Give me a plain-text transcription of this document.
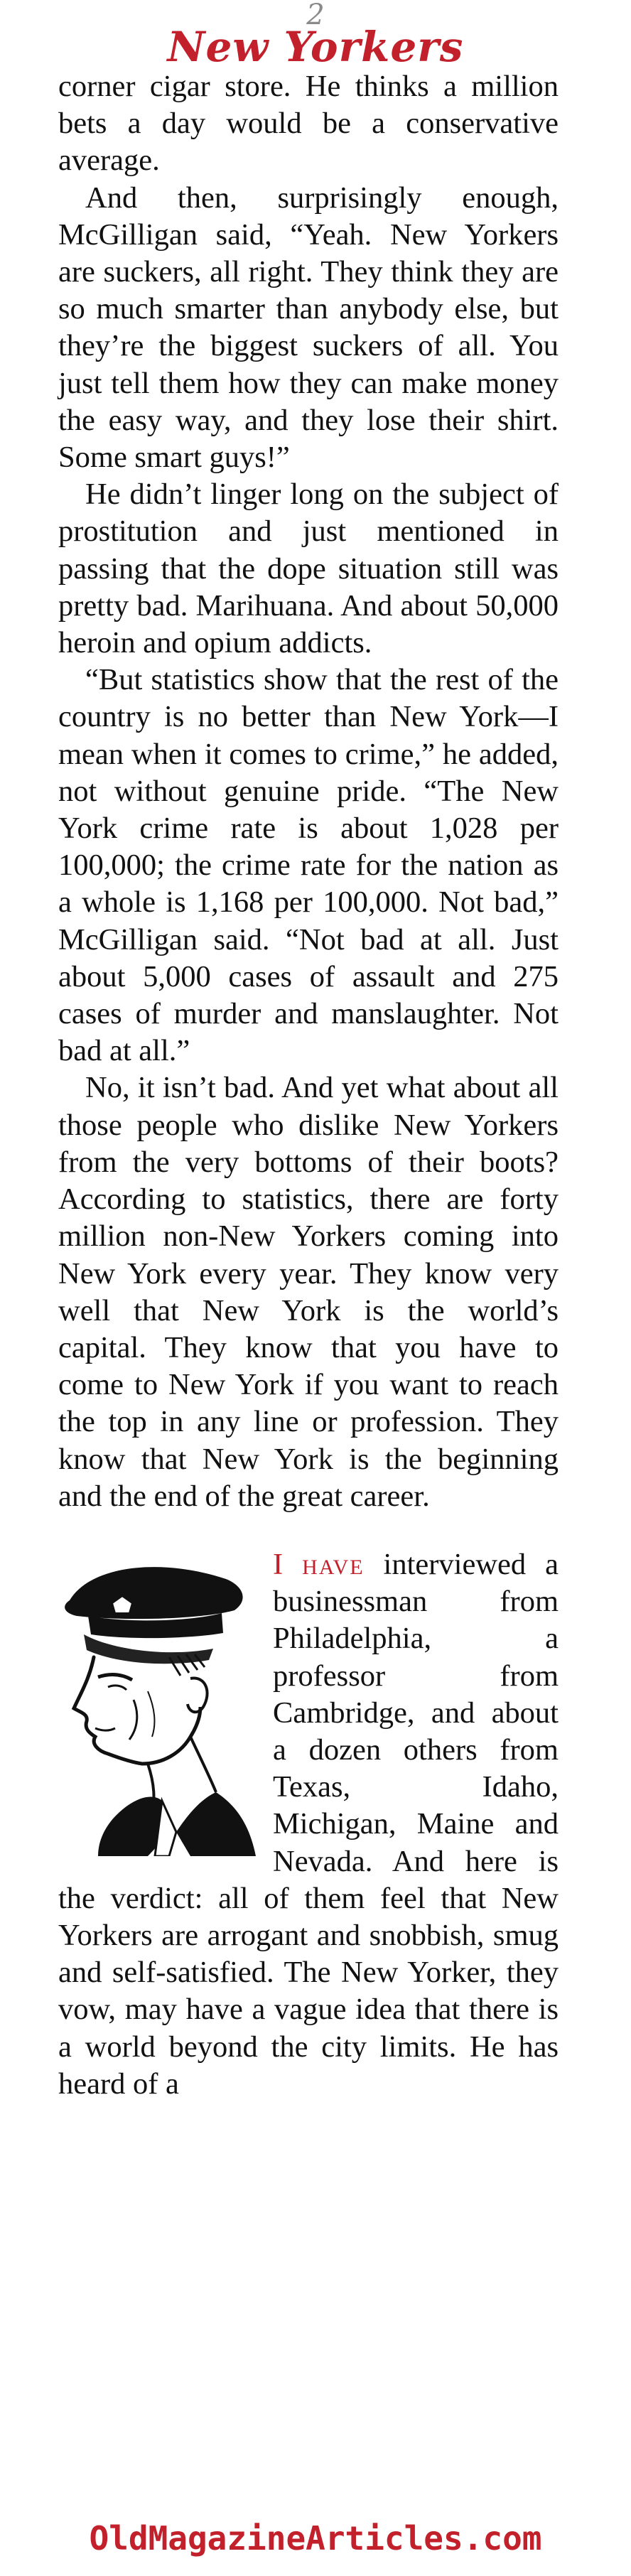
2
New Yorkers

corner cigar store. He thinks a million bets a day would be a conservative average.

And then, surprisingly enough, McGilligan said, “Yeah. New Yorkers are suckers, all right. They think they are so much smarter than anybody else, but they’re the biggest suckers of all. You just tell them how they can make money the easy way, and they lose their shirt. Some smart guys!”

He didn’t linger long on the subject of prostitution and just mentioned in passing that the dope situation still was pretty bad. Marihuana. And about 50,000 heroin and opium addicts.

“But statistics show that the rest of the country is no better than New York—I mean when it comes to crime,” he added, not without genuine pride. “The New York crime rate is about 1,028 per 100,000; the crime rate for the nation as a whole is 1,168 per 100,000. Not bad,” McGilligan said. “Not bad at all. Just about 5,000 cases of assault and 275 cases of murder and manslaughter. Not bad at all.”

No, it isn’t bad. And yet what about all those people who dislike New Yorkers from the very bottoms of their boots? According to statistics, there are forty million non-New Yorkers coming into New York every year. They know very well that New York is the world’s capital. They know that you have to come to New York if you want to reach the top in any line or profession. They know that New York is the beginning and the end of the great career.

I have interviewed a businessman from Philadelphia, a professor from Cambridge, and about a dozen others from Texas, Idaho, Michigan, Maine and Nevada. And here is the verdict: all of them feel that New Yorkers are arrogant and snobbish, smug and self-satisfied. The New Yorker, they vow, may have a vague idea that there is a world beyond the city limits. He has heard of a

OldMagazineArticles.com
